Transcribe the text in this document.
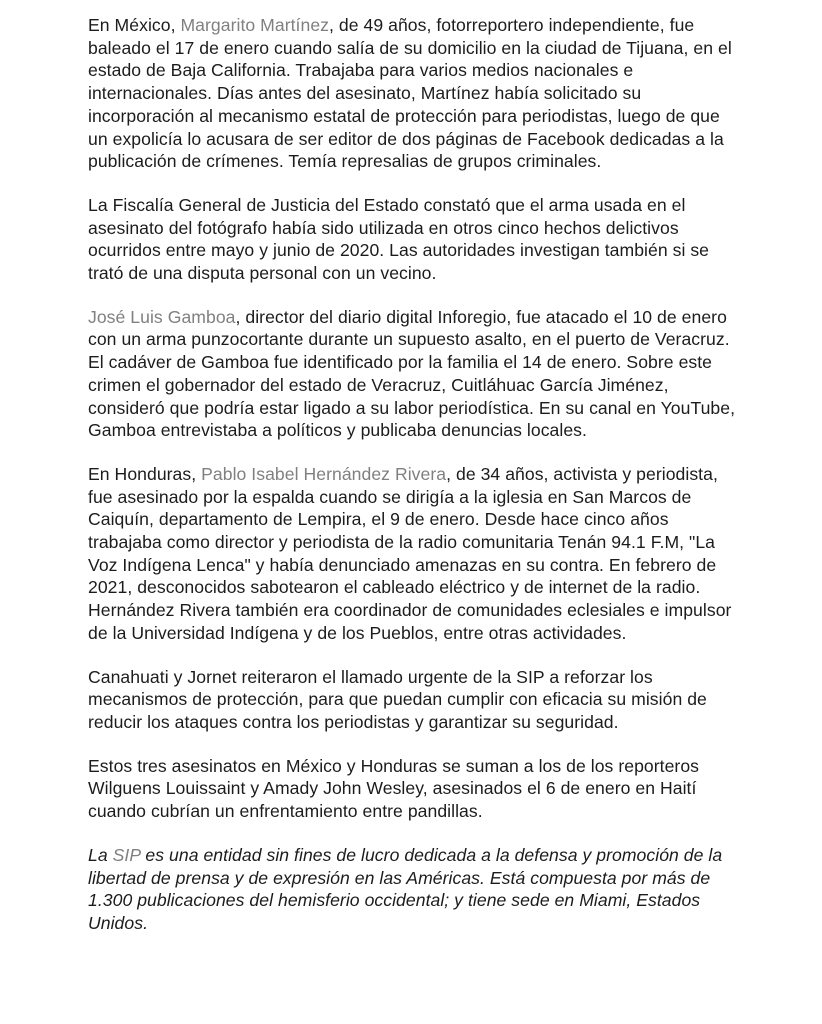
En México, Margarito Martínez, de 49 años, fotorreportero independiente, fue baleado el 17 de enero cuando salía de su domicilio en la ciudad de Tijuana, en el estado de Baja California. Trabajaba para varios medios nacionales e internacionales. Días antes del asesinato, Martínez había solicitado su incorporación al mecanismo estatal de protección para periodistas, luego de que un expolicía lo acusara de ser editor de dos páginas de Facebook dedicadas a la publicación de crímenes. Temía represalias de grupos criminales.

La Fiscalía General de Justicia del Estado constató que el arma usada en el asesinato del fotógrafo había sido utilizada en otros cinco hechos delictivos ocurridos entre mayo y junio de 2020. Las autoridades investigan también si se trató de una disputa personal con un vecino.

José Luis Gamboa, director del diario digital Inforegio, fue atacado el 10 de enero con un arma punzocortante durante un supuesto asalto, en el puerto de Veracruz. El cadáver de Gamboa fue identificado por la familia el 14 de enero. Sobre este crimen el gobernador del estado de Veracruz, Cuitláhuac García Jiménez, consideró que podría estar ligado a su labor periodística. En su canal en YouTube, Gamboa entrevistaba a políticos y publicaba denuncias locales.

En Honduras, Pablo Isabel Hernández Rivera, de 34 años, activista y periodista, fue asesinado por la espalda cuando se dirigía a la iglesia en San Marcos de Caiquín, departamento de Lempira, el 9 de enero. Desde hace cinco años trabajaba como director y periodista de la radio comunitaria Tenán 94.1 F.M, "La Voz Indígena Lenca" y había denunciado amenazas en su contra. En febrero de 2021, desconocidos sabotearon el cableado eléctrico y de internet de la radio. Hernández Rivera también era coordinador de comunidades eclesiales e impulsor de la Universidad Indígena y de los Pueblos, entre otras actividades.

Canahuati y Jornet reiteraron el llamado urgente de la SIP a reforzar los mecanismos de protección, para que puedan cumplir con eficacia su misión de reducir los ataques contra los periodistas y garantizar su seguridad.

Estos tres asesinatos en México y Honduras se suman a los de los reporteros Wilguens Louissaint y Amady John Wesley, asesinados el 6 de enero en Haití cuando cubrían un enfrentamiento entre pandillas.

La SIP es una entidad sin fines de lucro dedicada a la defensa y promoción de la libertad de prensa y de expresión en las Américas. Está compuesta por más de 1.300 publicaciones del hemisferio occidental; y tiene sede en Miami, Estados Unidos.
